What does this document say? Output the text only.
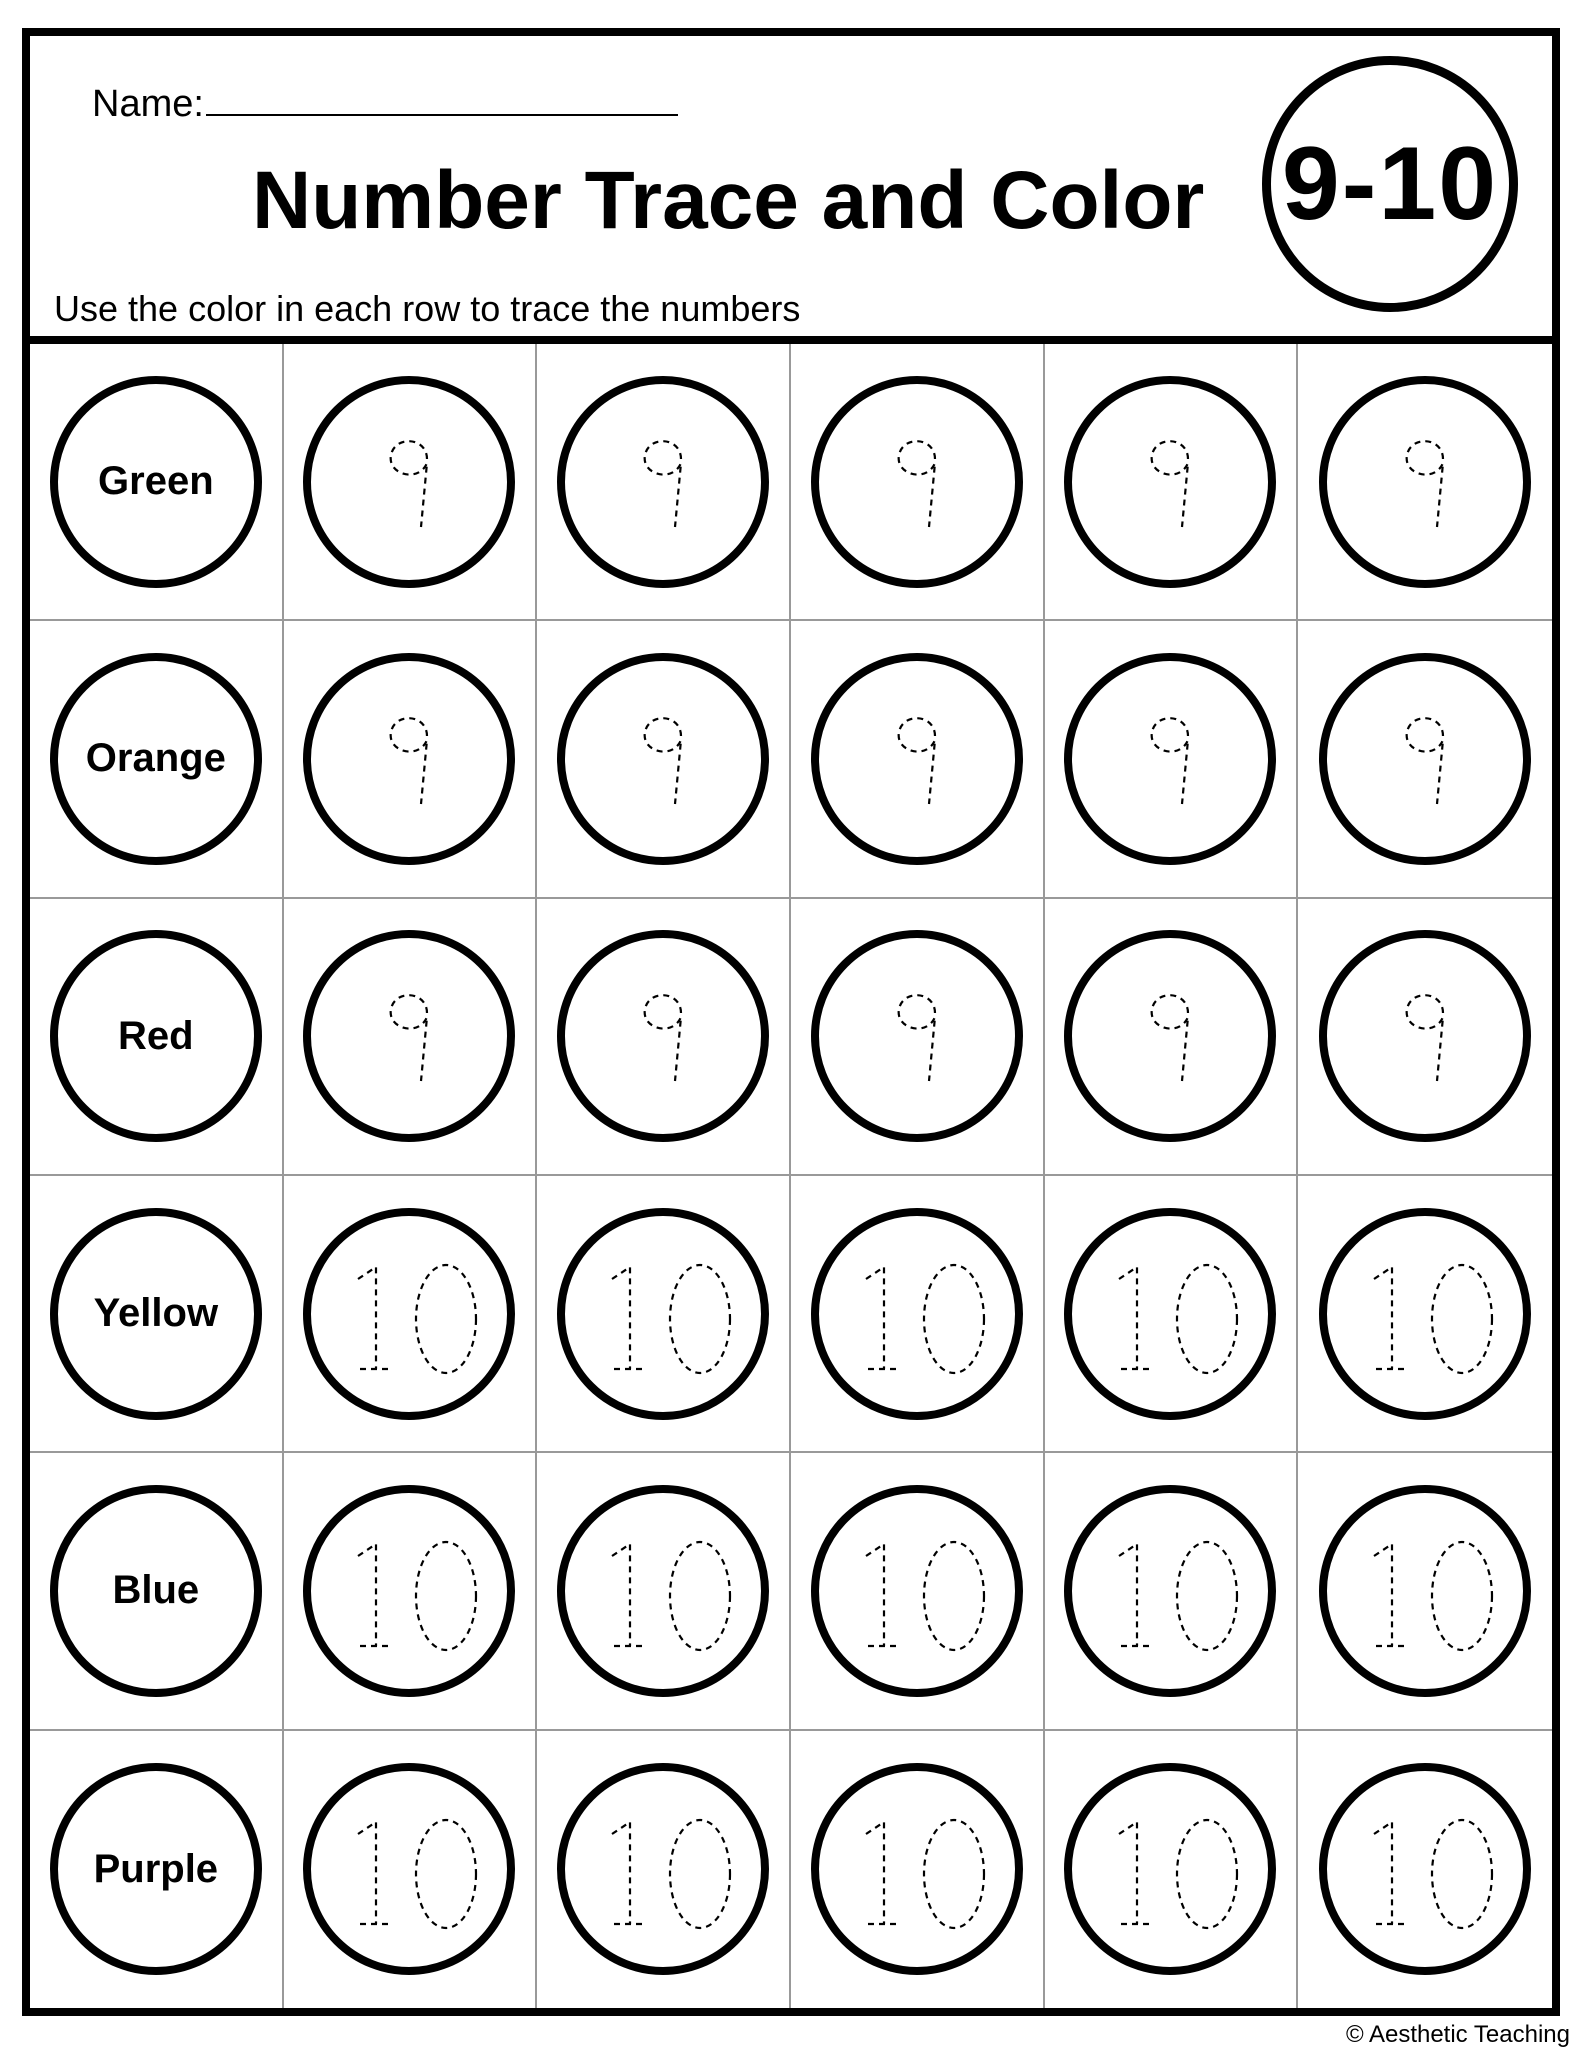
Name:
Number Trace and Color
Use the color in each row to trace the numbers
9-10
Green
Orange
Red
Yellow
Blue
Purple
© Aesthetic Teaching
